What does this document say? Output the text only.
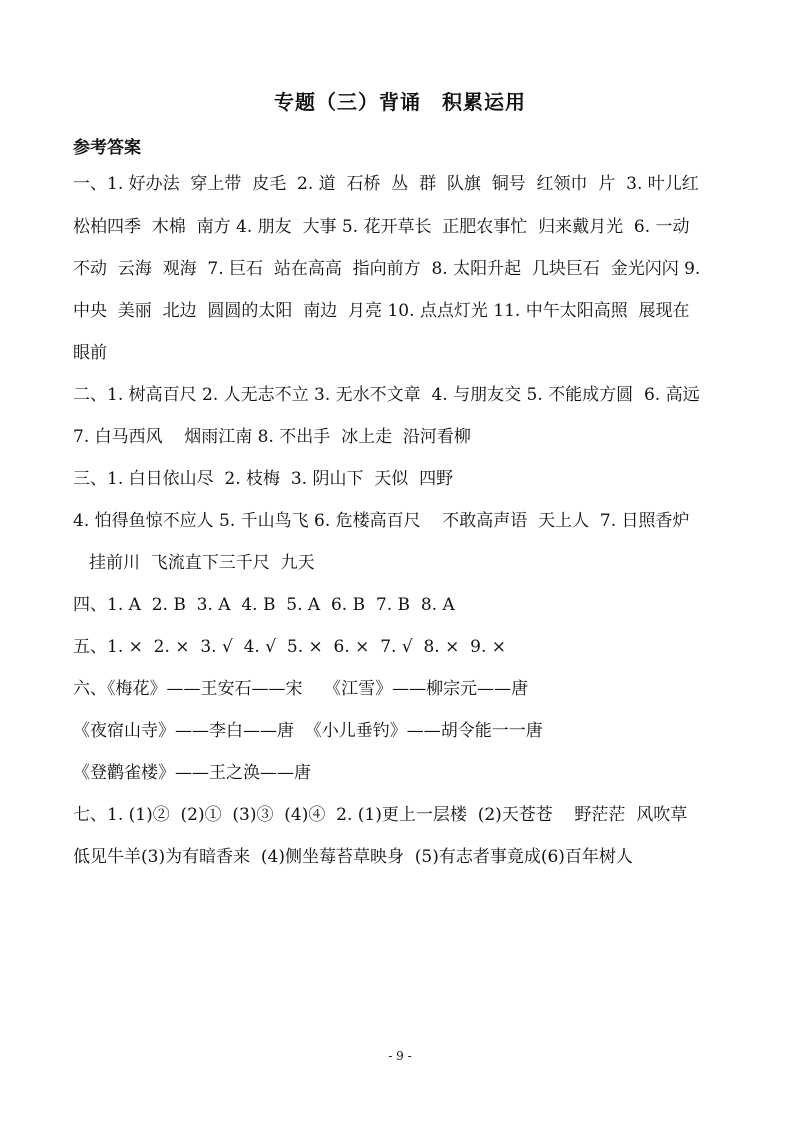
专题（三）背诵　积累运用
参考答案
一、1. 好办法  穿上带  皮毛  2. 道  石桥  丛  群  队旗  铜号  红领巾  片  3. 叶儿红
松柏四季  木棉  南方 4. 朋友  大事 5. 花开草长  正肥农事忙  归来戴月光  6. 一动
不动  云海  观海  7. 巨石  站在高高  指向前方  8. 太阳升起  几块巨石  金光闪闪 9.
中央  美丽  北边  圆圆的太阳  南边  月亮 10. 点点灯光 11. 中午太阳高照  展现在
眼前
二、1. 树高百尺 2. 人无志不立 3. 无水不文章  4. 与朋友交 5. 不能成方圆  6. 高远
7. 白马西风    烟雨江南 8. 不出手  冰上走  沿河看柳
三、1. 白日依山尽  2. 枝梅  3. 阴山下  天似  四野
4. 怕得鱼惊不应人 5. 千山鸟飞 6. 危楼高百尺    不敢高声语  天上人  7. 日照香炉
挂前川  飞流直下三千尺  九天
四、1. A  2. B  3. A  4. B  5. A  6. B  7. B  8. A
五、1. ×  2. ×  3. √  4. √  5. ×  6. ×  7. √  8. ×  9. ×
六、《梅花》——王安石——宋    《江雪》——柳宗元——唐
《夜宿山寺》——李白——唐  《小儿垂钓》——胡令能一一唐
《登鹳雀楼》——王之涣——唐
七、1. (1)②  (2)①  (3)③  (4)④  2. (1)更上一层楼  (2)天苍苍    野茫茫  风吹草
低见牛羊(3)为有暗香来  (4)侧坐莓苔草映身  (5)有志者事竟成(6)百年树人
- 9 -
